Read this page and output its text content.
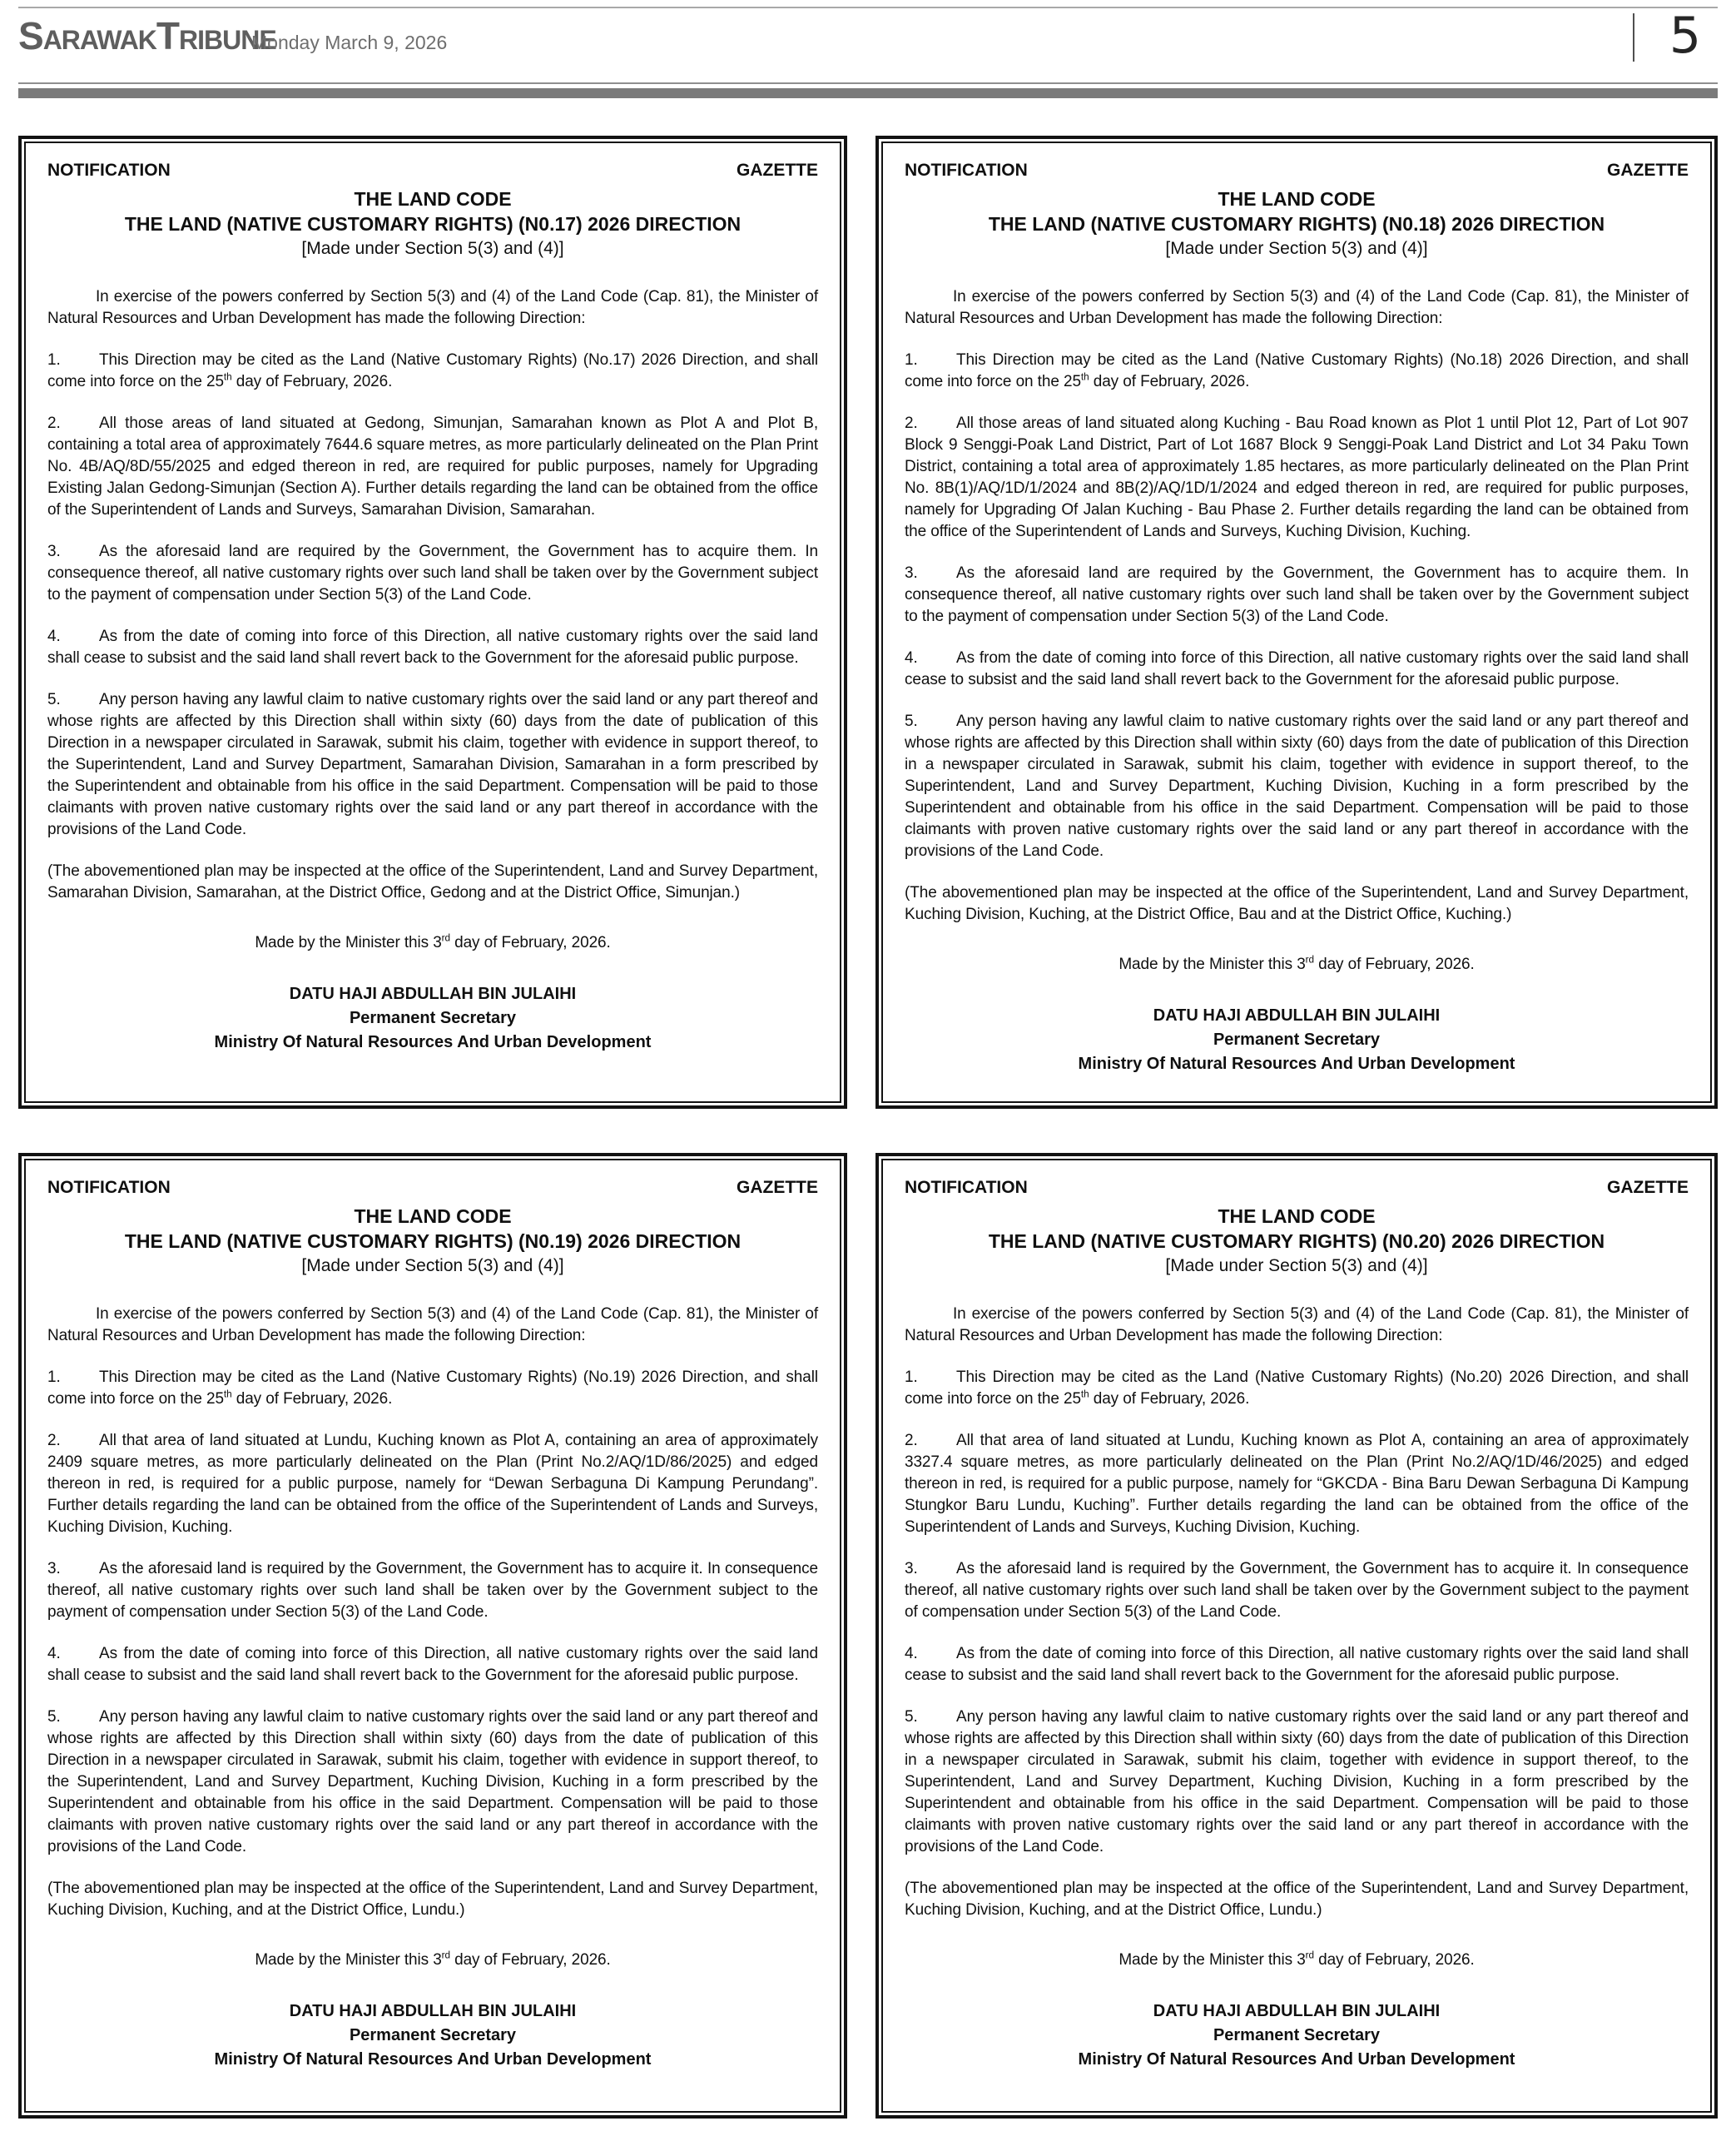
SARAWAKTRIBUNE
Monday March 9, 2026	5
NOTIFICATION	GAZETTE
THE LAND CODE
THE LAND (NATIVE CUSTOMARY RIGHTS) (N0.17) 2026 DIRECTION
[Made under Section 5(3) and (4)]

In exercise of the powers conferred by Section 5(3) and (4) of the Land Code (Cap. 81), the Minister of Natural Resources and Urban Development has made the following Direction:

1. This Direction may be cited as the Land (Native Customary Rights) (No.17) 2026 Direction, and shall come into force on the 25th day of February, 2026.

2. All those areas of land situated at Gedong, Simunjan, Samarahan known as Plot A and Plot B, containing a total area of approximately 7644.6 square metres, as more particularly delineated on the Plan Print No. 4B/AQ/8D/55/2025 and edged thereon in red, are required for public purposes, namely for Upgrading Existing Jalan Gedong-Simunjan (Section A). Further details regarding the land can be obtained from the office of the Superintendent of Lands and Surveys, Samarahan Division, Samarahan.

3. As the aforesaid land are required by the Government, the Government has to acquire them. In consequence thereof, all native customary rights over such land shall be taken over by the Government subject to the payment of compensation under Section 5(3) of the Land Code.

4. As from the date of coming into force of this Direction, all native customary rights over the said land shall cease to subsist and the said land shall revert back to the Government for the aforesaid public purpose.

5. Any person having any lawful claim to native customary rights over the said land or any part thereof and whose rights are affected by this Direction shall within sixty (60) days from the date of publication of this Direction in a newspaper circulated in Sarawak, submit his claim, together with evidence in support thereof, to the Superintendent, Land and Survey Department, Samarahan Division, Samarahan in a form prescribed by the Superintendent and obtainable from his office in the said Department. Compensation will be paid to those claimants with proven native customary rights over the said land or any part thereof in accordance with the provisions of the Land Code.

(The abovementioned plan may be inspected at the office of the Superintendent, Land and Survey Department, Samarahan Division, Samarahan, at the District Office, Gedong and at the District Office, Simunjan.)

Made by the Minister this 3rd day of February, 2026.

DATU HAJI ABDULLAH BIN JULAIHI
Permanent Secretary
Ministry Of Natural Resources And Urban Development
NOTIFICATION	GAZETTE
THE LAND CODE
THE LAND (NATIVE CUSTOMARY RIGHTS) (N0.18) 2026 DIRECTION
[Made under Section 5(3) and (4)]

In exercise of the powers conferred by Section 5(3) and (4) of the Land Code (Cap. 81), the Minister of Natural Resources and Urban Development has made the following Direction:

1. This Direction may be cited as the Land (Native Customary Rights) (No.18) 2026 Direction, and shall come into force on the 25th day of February, 2026.

2. All those areas of land situated along Kuching - Bau Road known as Plot 1 until Plot 12, Part of Lot 907 Block 9 Senggi-Poak Land District, Part of Lot 1687 Block 9 Senggi-Poak Land District and Lot 34 Paku Town District, containing a total area of approximately 1.85 hectares, as more particularly delineated on the Plan Print No. 8B(1)/AQ/1D/1/2024 and 8B(2)/AQ/1D/1/2024 and edged thereon in red, are required for public purposes, namely for Upgrading Of Jalan Kuching - Bau Phase 2. Further details regarding the land can be obtained from the office of the Superintendent of Lands and Surveys, Kuching Division, Kuching.

3. As the aforesaid land are required by the Government, the Government has to acquire them. In consequence thereof, all native customary rights over such land shall be taken over by the Government subject to the payment of compensation under Section 5(3) of the Land Code.

4. As from the date of coming into force of this Direction, all native customary rights over the said land shall cease to subsist and the said land shall revert back to the Government for the aforesaid public purpose.

5. Any person having any lawful claim to native customary rights over the said land or any part thereof and whose rights are affected by this Direction shall within sixty (60) days from the date of publication of this Direction in a newspaper circulated in Sarawak, submit his claim, together with evidence in support thereof, to the Superintendent, Land and Survey Department, Kuching Division, Kuching in a form prescribed by the Superintendent and obtainable from his office in the said Department. Compensation will be paid to those claimants with proven native customary rights over the said land or any part thereof in accordance with the provisions of the Land Code.

(The abovementioned plan may be inspected at the office of the Superintendent, Land and Survey Department, Kuching Division, Kuching, at the District Office, Bau and at the District Office, Kuching.)

Made by the Minister this 3rd day of February, 2026.

DATU HAJI ABDULLAH BIN JULAIHI
Permanent Secretary
Ministry Of Natural Resources And Urban Development
NOTIFICATION	GAZETTE
THE LAND CODE
THE LAND (NATIVE CUSTOMARY RIGHTS) (N0.19) 2026 DIRECTION
[Made under Section 5(3) and (4)]

In exercise of the powers conferred by Section 5(3) and (4) of the Land Code (Cap. 81), the Minister of Natural Resources and Urban Development has made the following Direction:

1. This Direction may be cited as the Land (Native Customary Rights) (No.19) 2026 Direction, and shall come into force on the 25th day of February, 2026.

2. All that area of land situated at Lundu, Kuching known as Plot A, containing an area of approximately 2409 square metres, as more particularly delineated on the Plan (Print No.2/AQ/1D/86/2025) and edged thereon in red, is required for a public purpose, namely for “Dewan Serbaguna Di Kampung Perundang”. Further details regarding the land can be obtained from the office of the Superintendent of Lands and Surveys, Kuching Division, Kuching.

3. As the aforesaid land is required by the Government, the Government has to acquire it. In consequence thereof, all native customary rights over such land shall be taken over by the Government subject to the payment of compensation under Section 5(3) of the Land Code.

4. As from the date of coming into force of this Direction, all native customary rights over the said land shall cease to subsist and the said land shall revert back to the Government for the aforesaid public purpose.

5. Any person having any lawful claim to native customary rights over the said land or any part thereof and whose rights are affected by this Direction shall within sixty (60) days from the date of publication of this Direction in a newspaper circulated in Sarawak, submit his claim, together with evidence in support thereof, to the Superintendent, Land and Survey Department, Kuching Division, Kuching in a form prescribed by the Superintendent and obtainable from his office in the said Department. Compensation will be paid to those claimants with proven native customary rights over the said land or any part thereof in accordance with the provisions of the Land Code.

(The abovementioned plan may be inspected at the office of the Superintendent, Land and Survey Department, Kuching Division, Kuching, and at the District Office, Lundu.)

Made by the Minister this 3rd day of February, 2026.

DATU HAJI ABDULLAH BIN JULAIHI
Permanent Secretary
Ministry Of Natural Resources And Urban Development
NOTIFICATION	GAZETTE
THE LAND CODE
THE LAND (NATIVE CUSTOMARY RIGHTS) (N0.20) 2026 DIRECTION
[Made under Section 5(3) and (4)]

In exercise of the powers conferred by Section 5(3) and (4) of the Land Code (Cap. 81), the Minister of Natural Resources and Urban Development has made the following Direction:

1. This Direction may be cited as the Land (Native Customary Rights) (No.20) 2026 Direction, and shall come into force on the 25th day of February, 2026.

2. All that area of land situated at Lundu, Kuching known as Plot A, containing an area of approximately 3327.4 square metres, as more particularly delineated on the Plan (Print No.2/AQ/1D/46/2025) and edged thereon in red, is required for a public purpose, namely for “GKCDA - Bina Baru Dewan Serbaguna Di Kampung Stungkor Baru Lundu, Kuching”. Further details regarding the land can be obtained from the office of the Superintendent of Lands and Surveys, Kuching Division, Kuching.

3. As the aforesaid land is required by the Government, the Government has to acquire it. In consequence thereof, all native customary rights over such land shall be taken over by the Government subject to the payment of compensation under Section 5(3) of the Land Code.

4. As from the date of coming into force of this Direction, all native customary rights over the said land shall cease to subsist and the said land shall revert back to the Government for the aforesaid public purpose.

5. Any person having any lawful claim to native customary rights over the said land or any part thereof and whose rights are affected by this Direction shall within sixty (60) days from the date of publication of this Direction in a newspaper circulated in Sarawak, submit his claim, together with evidence in support thereof, to the Superintendent, Land and Survey Department, Kuching Division, Kuching in a form prescribed by the Superintendent and obtainable from his office in the said Department. Compensation will be paid to those claimants with proven native customary rights over the said land or any part thereof in accordance with the provisions of the Land Code.

(The abovementioned plan may be inspected at the office of the Superintendent, Land and Survey Department, Kuching Division, Kuching, and at the District Office, Lundu.)

Made by the Minister this 3rd day of February, 2026.

DATU HAJI ABDULLAH BIN JULAIHI
Permanent Secretary
Ministry Of Natural Resources And Urban Development
